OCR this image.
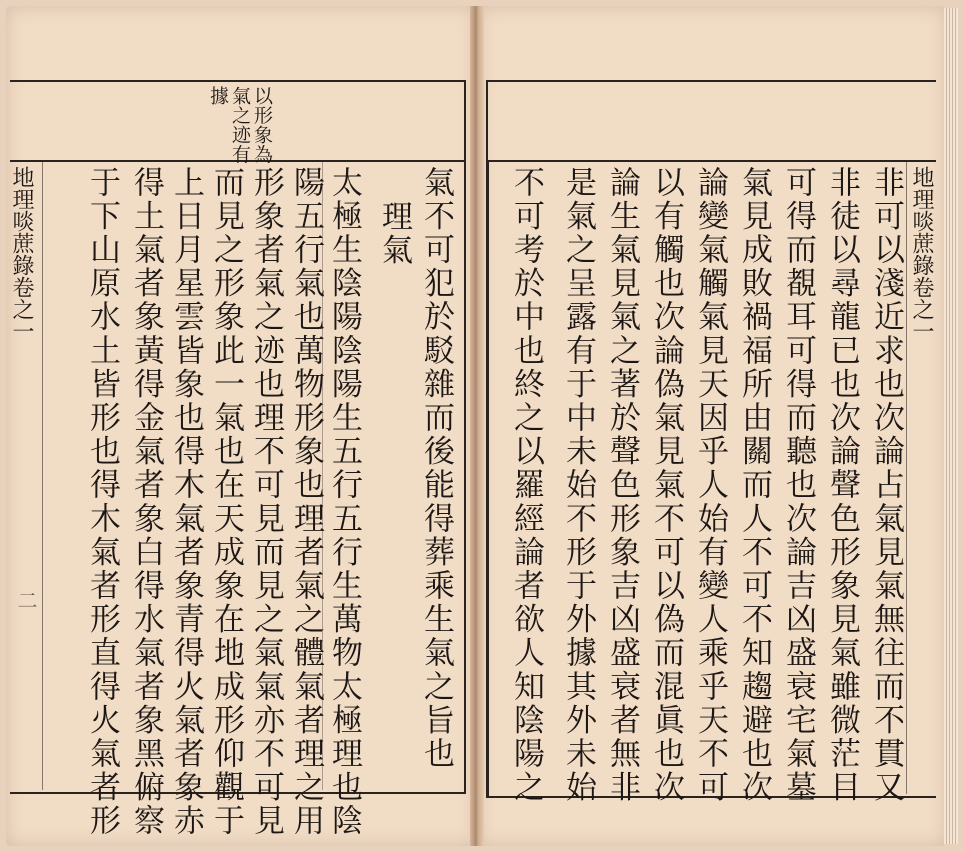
地理啖蔗錄卷之一
二
以形象為
氣之迹有
據
氣不可犯於駁雜而後能得葬乘生氣之旨也
理氣
太極生陰陽陰陽生五行五行生萬物太極理也陰
陽五行氣也萬物形象也理者氣之體氣者理之用
形象者氣之迹也理不可見而見之氣氣亦不可見
而見之形象此一氣也在天成象在地成形仰觀于
上日月星雲皆象也得木氣者象青得火氣者象赤
得土氣者象黃得金氣者象白得水氣者象黑俯察
于下山原水土皆形也得木氣者形直得火氣者形	地理啖蔗錄卷之一
非可以淺近求也次論占氣見氣無往而不貫又
非徒以尋龍已也次論聲色形象見氣雖微茫目
可得而覩耳可得而聽也次論吉凶盛衰宅氣墓
氣見成敗禍福所由關而人不可不知趨避也次
論變氣觸氣見天因乎人始有變人乘乎天不可
以有觸也次論偽氣見氣不可以偽而混眞也次
論生氣見氣之著於聲色形象吉凶盛衰者無非
是氣之呈露有于中未始不形于外據其外未始
不可考於中也終之以羅經論者欲人知陰陽之
